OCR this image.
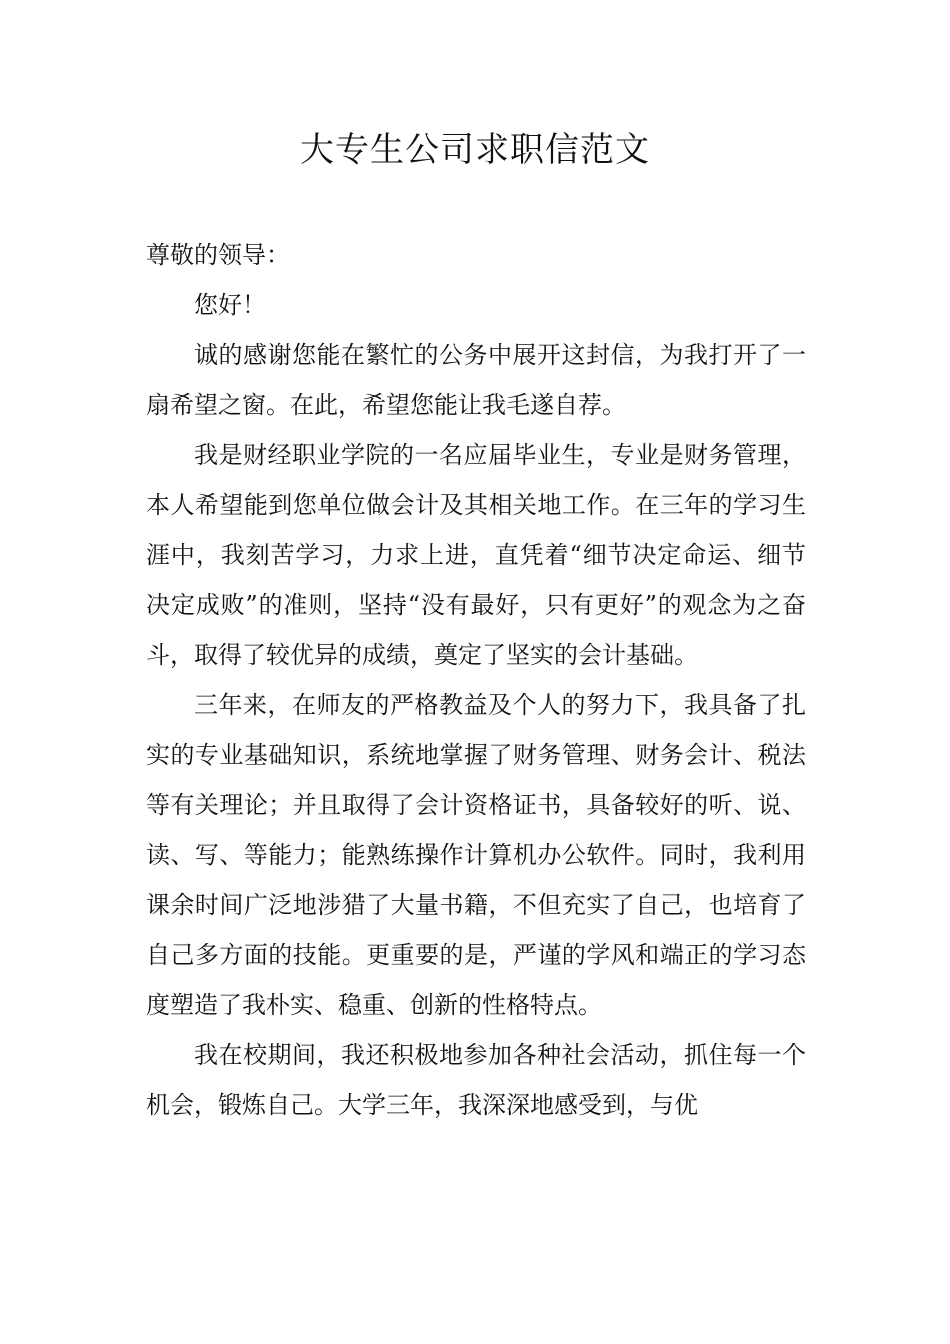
大专生公司求职信范文

尊敬的领导：

您好！

诚的感谢您能在繁忙的公务中展开这封信，为我打开了一扇希望之窗。在此，希望您能让我毛遂自荐。

我是财经职业学院的一名应届毕业生，专业是财务管理，本人希望能到您单位做会计及其相关地工作。在三年的学习生涯中，我刻苦学习，力求上进，直凭着“细节决定命运、细节决定成败”的准则，坚持“没有最好，只有更好”的观念为之奋斗，取得了较优异的成绩，奠定了坚实的会计基础。

三年来，在师友的严格教益及个人的努力下，我具备了扎实的专业基础知识，系统地掌握了财务管理、财务会计、税法等有关理论；并且取得了会计资格证书，具备较好的听、说、读、写、等能力；能熟练操作计算机办公软件。同时，我利用课余时间广泛地涉猎了大量书籍，不但充实了自己，也培育了自己多方面的技能。更重要的是，严谨的学风和端正的学习态度塑造了我朴实、稳重、创新的性格特点。

我在校期间，我还积极地参加各种社会活动，抓住每一个机会，锻炼自己。大学三年，我深深地感受到，与优
